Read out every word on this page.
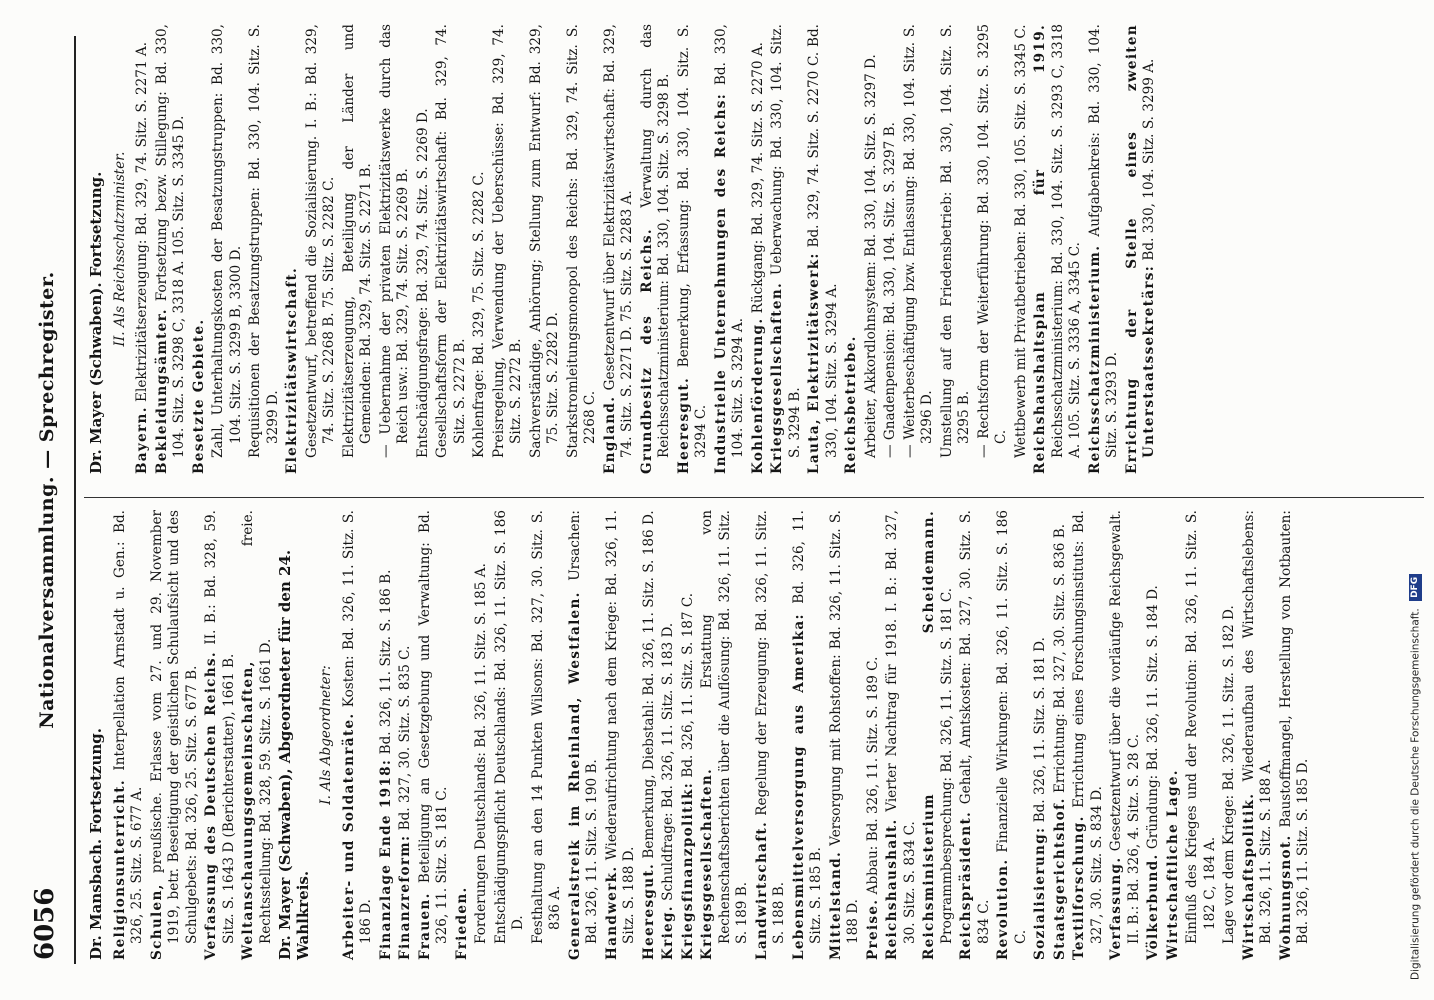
6056
Nationalversammlung. — Sprechregister.

Dr. Mansbach. Fortsetzung. Religionsunterricht. Interpellation Arnstadt u. Gen.: Bd. 326, 25. Sitz. S. 677 A. Schulen, preußische. Erlasse vom 27. und 29. November 1919, betr. Beseitigung der geistlichen Schulaufsicht und des Schulgebets: Bd. 326, 25. Sitz. S. 677 B. Verfassung des Deutschen Reichs. II. B.: Bd. 328, 59. Sitz. S. 1643 D (Berichterstatter), 1661 B. Weltanschauungsgemeinschaften, freie. Rechtsstellung: Bd. 328, 59. Sitz. S. 1661 D. Dr. Mayer (Schwaben), Abgeordneter für den 24. Wahlkreis.

I. Als Abgeordneter: Arbeiter- und Soldatenräte. Kosten: Bd. 326, 11. Sitz. S. 186 D. Finanzlage Ende 1918: Bd. 326, 11. Sitz. S. 186 B.

Finanzreform: Bd. 327, 30. Sitz. S. 835 C.

Frauen. Beteiligung an Gesetzgebung und Verwaltung: Bd. 326, 11. Sitz. S. 181 C. Frieden. Forderungen Deutschlands: Bd. 326, 11. Sitz. S. 185 A. Entschädigungspflicht Deutschlands: Bd. 326, 11. Sitz. S. 186 D. Festhaltung an den 14 Punkten Wilsons: Bd. 327, 30. Sitz. S. 836 A. Generalstreik im Rheinland, Westfalen. Ursachen: Bd. 326, 11. Sitz. S. 190 B. Handwerk. Wiederaufrichtung nach dem Kriege: Bd. 326, 11. Sitz. S. 188 D. Heeresgut. Bemerkung, Diebstahl: Bd. 326, 11. Sitz. S. 186 D.

Krieg. Schuldfrage: Bd. 326, 11. Sitz. S. 183 D. Kriegsfinanzpolitik: Bd. 326, 11. Sitz. S. 187 C.

Kriegsgesellschaften. Erstattung von Rechenschaftsberichten über die Auflösung: Bd. 326, 11. Sitz. S. 189 B. Landwirtschaft. Regelung der Erzeugung: Bd. 326, 11. Sitz. S. 188 B. Lebensmittelversorgung aus Amerika: Bd. 326, 11. Sitz. S. 185 B. Mittelstand. Versorgung mit Rohstoffen: Bd. 326, 11. Sitz. S. 188 D. Preise. Abbau: Bd. 326, 11. Sitz. S. 189 C. Reichshaushalt. Vierter Nachtrag für 1918. I. B.: Bd. 327, 30. Sitz. S. 834 C. Reichsministerium Scheidemann. Programmbesprechung: Bd. 326, 11. Sitz. S. 181 C. Reichspräsident. Gehalt, Amtskosten: Bd. 327, 30. Sitz. S. 834 C. Revolution. Finanzielle Wirkungen: Bd. 326, 11. Sitz. S. 186 C. Sozialisierung: Bd. 326, 11. Sitz. S. 181 D.

Staatsgerichtshof. Errichtung: Bd. 327, 30. Sitz. S. 836 B.

Textilforschung. Errichtung eines Forschungsinstituts: Bd. 327, 30. Sitz. S. 834 D. Verfassung. Gesetzentwurf über die vorläufige Reichsgewalt. II. B.: Bd. 326, 4. Sitz. S. 28 C. Völkerbund. Gründung: Bd. 326, 11. Sitz. S. 184 D.

Wirtschaftliche Lage. Einfluß des Krieges und der Revolution: Bd. 326, 11. Sitz. S. 182 C, 184 A. Lage vor dem Kriege: Bd. 326, 11. Sitz. S. 182 D. Wirtschaftspolitik. Wiederaufbau des Wirtschaftslebens: Bd. 326, 11. Sitz. S. 188 A. Wohnungsnot. Baustoffmangel, Herstellung von Notbauten: Bd. 326, 11. Sitz. S. 185 D.

Dr. Mayer (Schwaben). Fortsetzung. II. Als Reichsschatzminister.

Bayern. Elektrizitätserzeugung: Bd. 329, 74. Sitz. S. 2271 A. Bekleidungsämter. Fortsetzung bezw. Stillegung: Bd. 330, 104. Sitz. S. 3298 C, 3318 A. 105. Sitz. S. 3345 D. Besetzte Gebiete. Zahl, Unterhaltungskosten der Besatzungstruppen: Bd. 330, 104. Sitz. S. 3299 B, 3300 D. Requisitionen der Besatzungstruppen: Bd. 330, 104. Sitz. S. 3299 D. Elektrizitätswirtschaft. Gesetzentwurf, betreffend die Sozialisierung. I. B.: Bd. 329, 74. Sitz. S. 2268 B. 75. Sitz. S. 2282 C. Elektrizitätserzeugung, Beteiligung der Länder und Gemeinden: Bd. 329, 74. Sitz. S. 2271 B. — Uebernahme der privaten Elektrizitätswerke durch das Reich usw.: Bd. 329, 74. Sitz. S. 2269 B. Entschädigungsfrage: Bd. 329, 74. Sitz. S. 2269 D. Gesellschaftsform der Elektrizitätswirtschaft: Bd. 329, 74. Sitz. S. 2272 B. Kohlenfrage: Bd. 329, 75. Sitz. S. 2282 C. Preisregelung, Verwendung der Ueberschüsse: Bd. 329, 74. Sitz. S. 2272 B. Sachverständige, Anhörung; Stellung zum Entwurf: Bd. 329, 75. Sitz. S. 2282 D. Starkstromleitungsmonopol des Reichs: Bd. 329, 74. Sitz. S. 2268 C. England. Gesetzentwurf über Elektrizitätswirtschaft: Bd. 329, 74. Sitz. S. 2271 D. 75. Sitz. S. 2283 A. Grundbesitz des Reichs. Verwaltung durch das Reichsschatzministerium: Bd. 330, 104. Sitz. S. 3298 B. Heeresgut. Bemerkung, Erfassung: Bd. 330, 104. Sitz. S. 3294 C. Industrielle Unternehmungen des Reichs: Bd. 330, 104. Sitz. S. 3294 A. Kohlenförderung. Rückgang: Bd. 329, 74. Sitz. S. 2270 A.

Kriegsgesellschaften. Ueberwachung: Bd. 330, 104. Sitz. S. 3294 B. Lauta, Elektrizitätswerk: Bd. 329, 74. Sitz. S. 2270 C. Bd. 330, 104. Sitz. S. 3294 A. Reichsbetriebe. Arbeiter, Akkordlohnsystem: Bd. 330, 104. Sitz. S. 3297 D. — Gnadenpension: Bd. 330, 104. Sitz. S. 3297 B. — Weiterbeschäftigung bzw. Entlassung: Bd. 330, 104. Sitz. S. 3296 D. Umstellung auf den Friedensbetrieb: Bd. 330, 104. Sitz. S. 3295 B. — Rechtsform der Weiterführung: Bd. 330, 104. Sitz. S. 3295 C. Wettbewerb mit Privatbetrieben: Bd. 330, 105. Sitz. S. 3345 C. Reichshaushaltsplan für 1919. Reichsschatzministerium: Bd. 330, 104. Sitz. S. 3293 C, 3318 A. 105. Sitz. S. 3336 A, 3345 C. Reichsschatzministerium. Aufgabenkreis: Bd. 330, 104. Sitz. S. 3293 D. Errichtung der Stelle eines zweiten Unterstaatssekretärs: Bd. 330, 104. Sitz. S. 3299 A.

Digitalisierung gefördert durch die Deutsche Forschungsgemeinschaft. DFG
